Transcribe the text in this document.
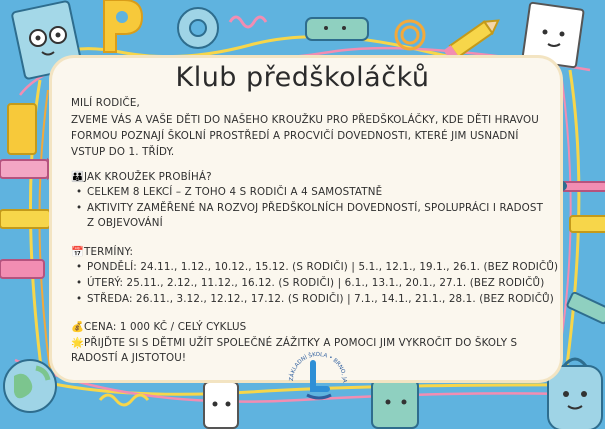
Klub předškoláčků
MILÍ RODIČE,
ZVEME VÁS A VAŠE DĚTI DO NAŠEHO KROUŽKU PRO PŘEDŠKOLÁČKY, KDE DĚTI HRAVOU
FORMOU POZNAJÍ ŠKOLNÍ PROSTŘEDÍ A PROCVIČÍ DOVEDNOSTI, KTERÉ JIM USNADNÍ
VSTUP DO 1. TŘÍDY.
👪JAK KROUŽEK PROBÍHÁ?
• CELKEM 8 LEKCÍ – Z TOHO 4 S RODIČI A 4 SAMOSTATNĚ
• AKTIVITY ZAMĚŘENÉ NA ROZVOJ PŘEDŠKOLNÍCH DOVEDNOSTÍ, SPOLUPRÁCI I RADOST
Z OBJEVOVÁNÍ
📅TERMÍNY:
• PONDĚLÍ: 24.11., 1.12., 10.12., 15.12. (S RODIČI) | 5.1., 12.1., 19.1., 26.1. (BEZ RODIČŮ)
• ÚTERÝ: 25.11., 2.12., 11.12., 16.12. (S RODIČI) | 6.1., 13.1., 20.1., 27.1. (BEZ RODIČŮ)
• STŘEDA: 26.11., 3.12., 12.12., 17.12. (S RODIČI) | 7.1., 14.1., 21.1., 28.1. (BEZ RODIČŮ)
💰CENA: 1 000 KČ / CELÝ CYKLUS
🌟PŘIJĎTE SI S DĚTMI UŽÍT SPOLEČNÉ ZÁŽITKY A POMOCI JIM VYKROČIT DO ŠKOLY S
RADOSTÍ A JISTOTOU!
ZÁKLADNÍ ŠKOLA • BRNO, JA
